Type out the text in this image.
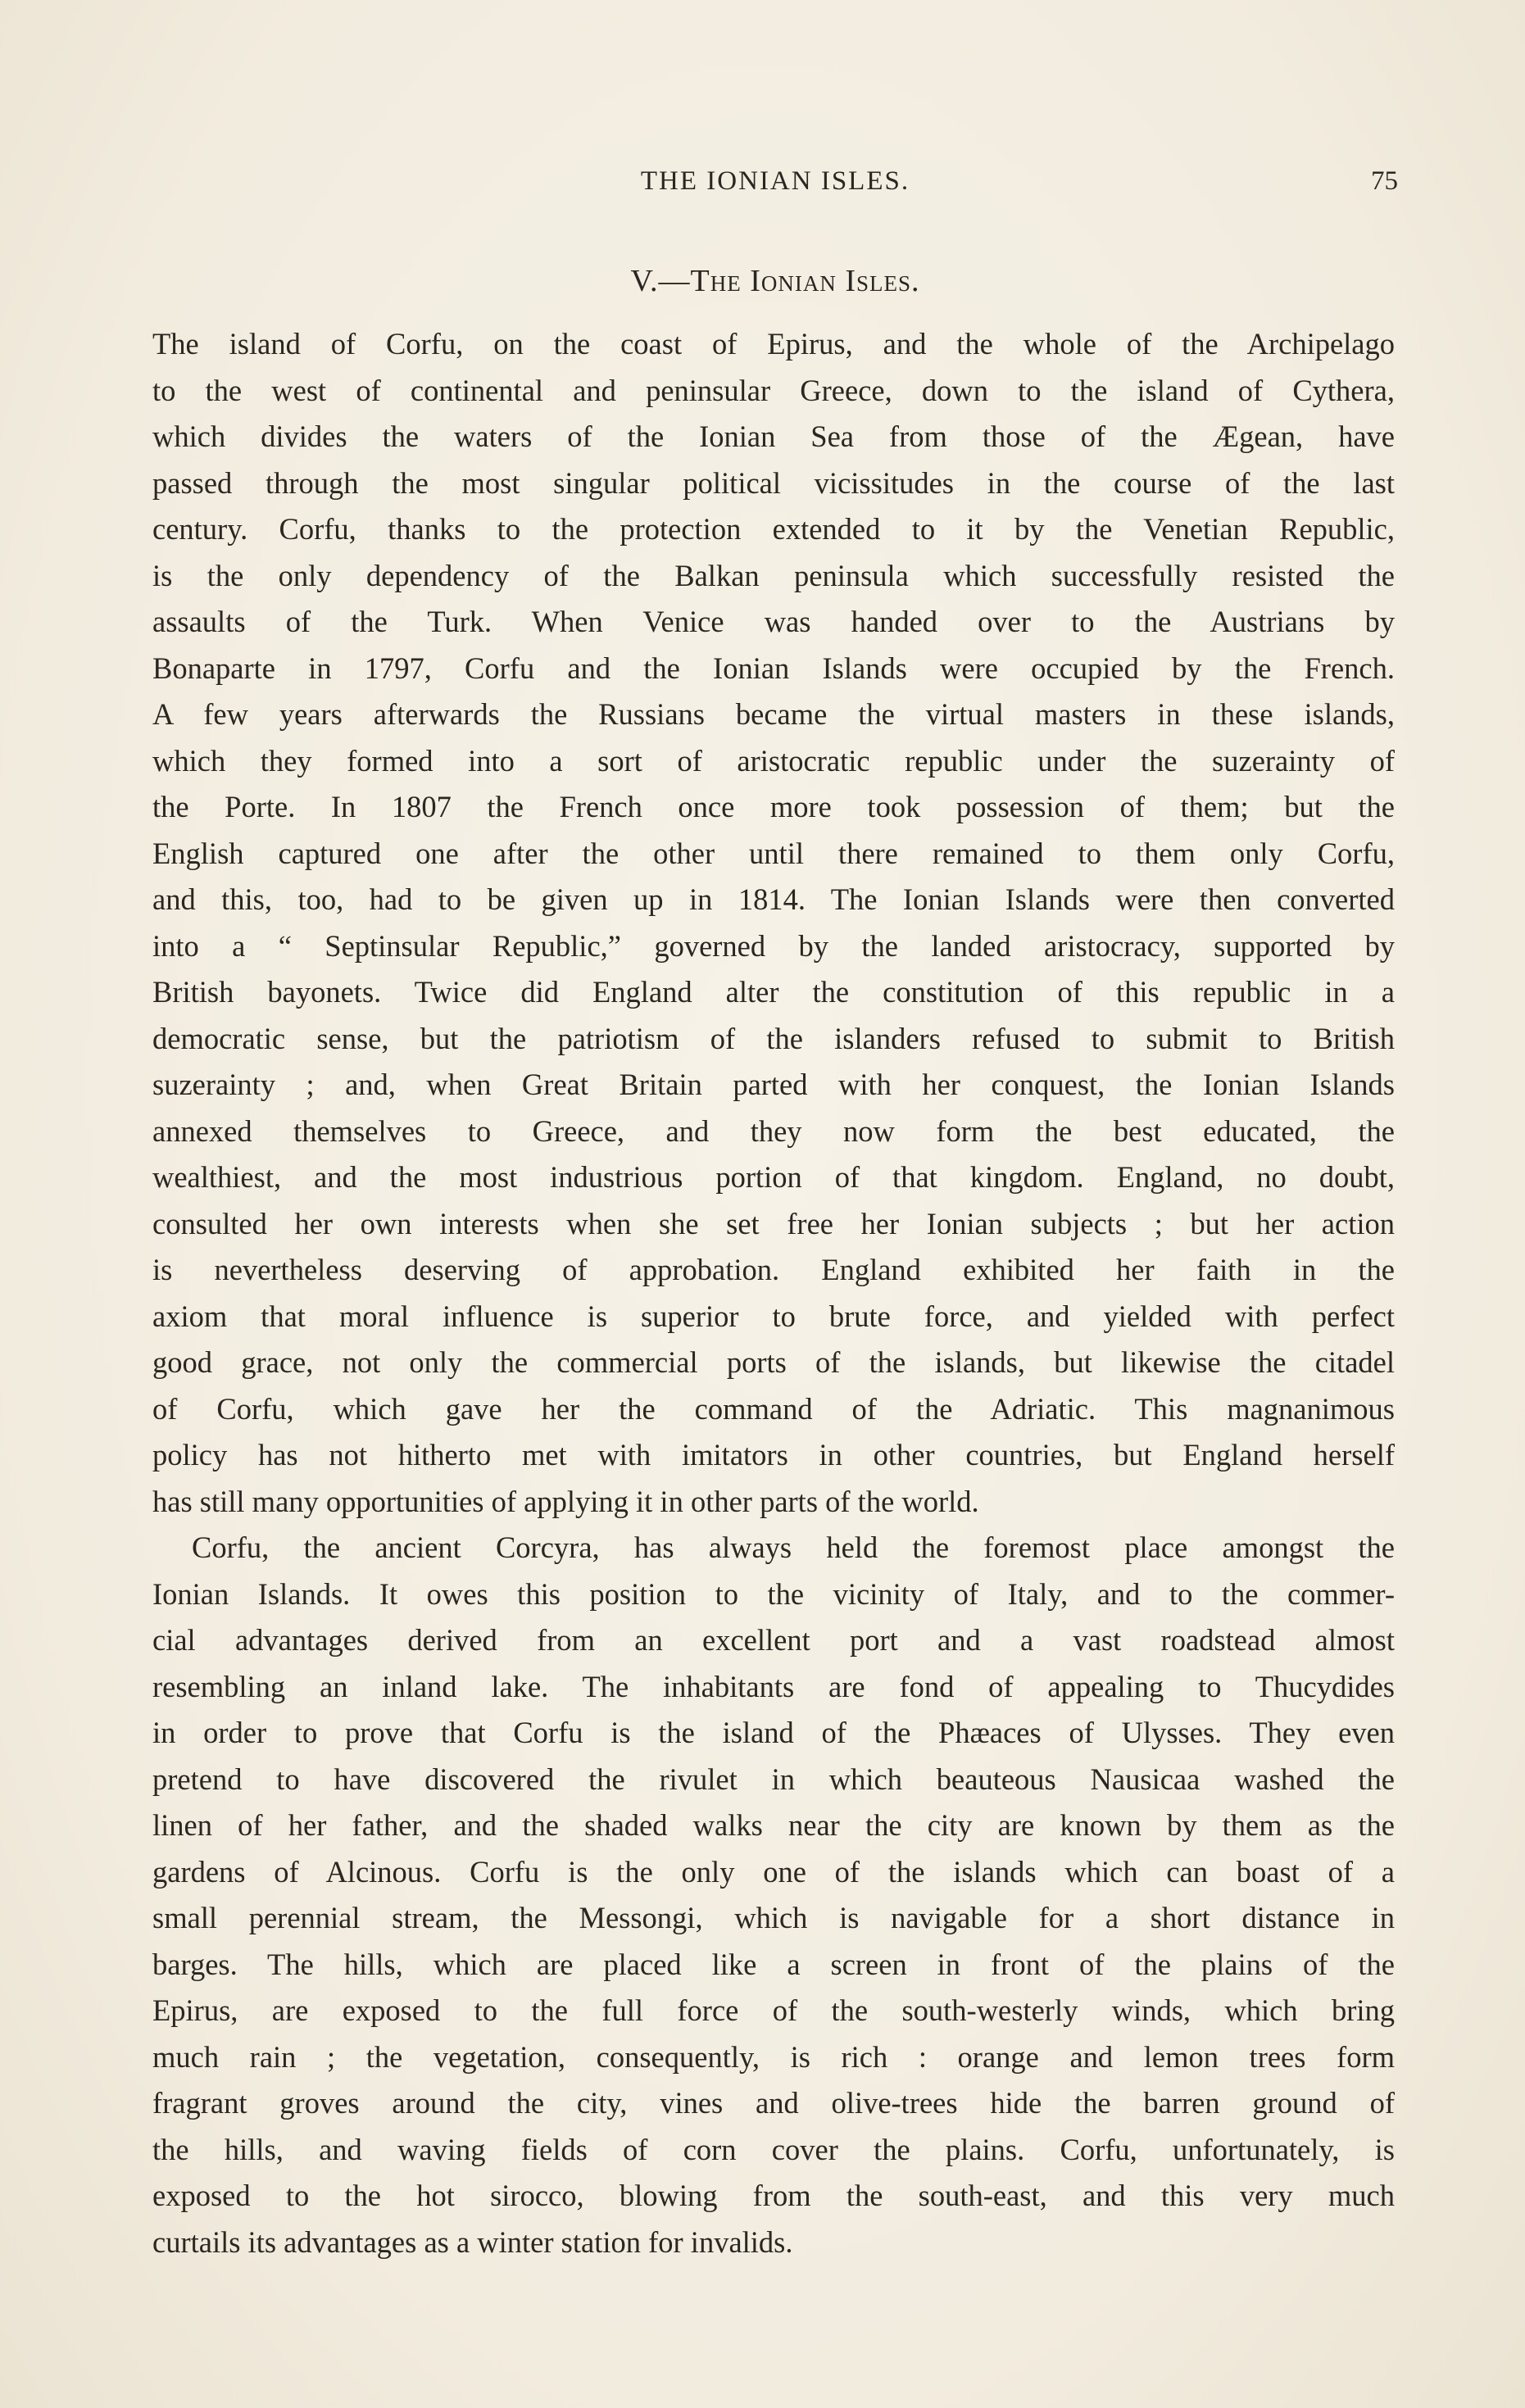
THE IONIAN ISLES.	75
V.—The Ionian Isles.
The island of Corfu, on the coast of Epirus, and the whole of the Archipelago
to the west of continental and peninsular Greece, down to the island of Cythera,
which divides the waters of the Ionian Sea from those of the Ægean, have
passed through the most singular political vicissitudes in the course of the last
century. Corfu, thanks to the protection extended to it by the Venetian Republic,
is the only dependency of the Balkan peninsula which successfully resisted the
assaults of the Turk. When Venice was handed over to the Austrians by
Bonaparte in 1797, Corfu and the Ionian Islands were occupied by the French.
A few years afterwards the Russians became the virtual masters in these islands,
which they formed into a sort of aristocratic republic under the suzerainty of
the Porte. In 1807 the French once more took possession of them; but the
English captured one after the other until there remained to them only Corfu,
and this, too, had to be given up in 1814. The Ionian Islands were then converted
into a “ Septinsular Republic,” governed by the landed aristocracy, supported by
British bayonets. Twice did England alter the constitution of this republic in a
democratic sense, but the patriotism of the islanders refused to submit to British
suzerainty ; and, when Great Britain parted with her conquest, the Ionian Islands
annexed themselves to Greece, and they now form the best educated, the
wealthiest, and the most industrious portion of that kingdom. England, no doubt,
consulted her own interests when she set free her Ionian subjects ; but her action
is nevertheless deserving of approbation. England exhibited her faith in the
axiom that moral influence is superior to brute force, and yielded with perfect
good grace, not only the commercial ports of the islands, but likewise the citadel
of Corfu, which gave her the command of the Adriatic. This magnanimous
policy has not hitherto met with imitators in other countries, but England herself
has still many opportunities of applying it in other parts of the world.
Corfu, the ancient Corcyra, has always held the foremost place amongst the
Ionian Islands. It owes this position to the vicinity of Italy, and to the commer-
cial advantages derived from an excellent port and a vast roadstead almost
resembling an inland lake. The inhabitants are fond of appealing to Thucydides
in order to prove that Corfu is the island of the Phæaces of Ulysses. They even
pretend to have discovered the rivulet in which beauteous Nausicaa washed the
linen of her father, and the shaded walks near the city are known by them as the
gardens of Alcinous. Corfu is the only one of the islands which can boast of a
small perennial stream, the Messongi, which is navigable for a short distance in
barges. The hills, which are placed like a screen in front of the plains of the
Epirus, are exposed to the full force of the south-westerly winds, which bring
much rain ; the vegetation, consequently, is rich : orange and lemon trees form
fragrant groves around the city, vines and olive-trees hide the barren ground of
the hills, and waving fields of corn cover the plains. Corfu, unfortunately, is
exposed to the hot sirocco, blowing from the south-east, and this very much
curtails its advantages as a winter station for invalids.
